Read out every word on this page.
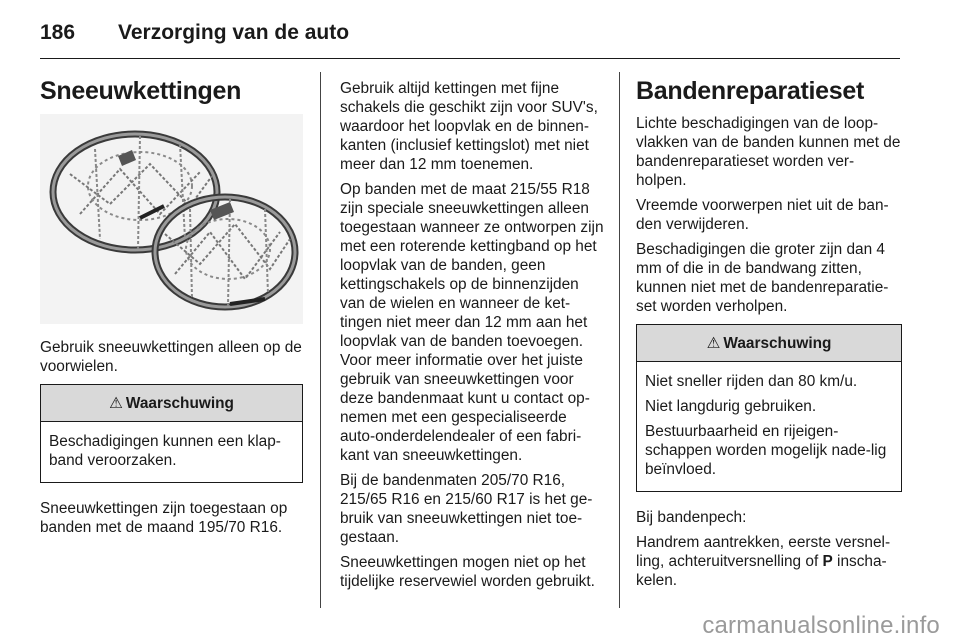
186	Verzorging van de auto
Sneeuwkettingen

Gebruik sneeuwkettingen alleen op de voorwielen.

⚠ Waarschuwing

Beschadigingen kunnen een klap-band veroorzaken.

Sneeuwkettingen zijn toegestaan op banden met de maand 195/70 R16.

Gebruik altijd kettingen met fijne schakels die geschikt zijn voor SUV's, waardoor het loopvlak en de binnen-kanten (inclusief kettingslot) met niet meer dan 12 mm toenemen.

Op banden met de maat 215/55 R18 zijn speciale sneeuwkettingen alleen toegestaan wanneer ze ontworpen zijn met een roterende kettingband op het loopvlak van de banden, geen kettingschakels op de binnenzijden van de wielen en wanneer de ket-tingen niet meer dan 12 mm aan het loopvlak van de banden toevoegen. Voor meer informatie over het juiste gebruik van sneeuwkettingen voor deze bandenmaat kunt u contact op-nemen met een gespecialiseerde auto-onderdelendealer of een fabri-kant van sneeuwkettingen.

Bij de bandenmaten 205/70 R16, 215/65 R16 en 215/60 R17 is het ge-bruik van sneeuwkettingen niet toe-gestaan.

Sneeuwkettingen mogen niet op het tijdelijke reservewiel worden gebruikt.

Bandenreparatieset

Lichte beschadigingen van de loop-vlakken van de banden kunnen met de bandenreparatieset worden ver-holpen.

Vreemde voorwerpen niet uit de ban-den verwijderen.

Beschadigingen die groter zijn dan 4 mm of die in de bandwang zitten, kunnen niet met de bandenreparatie-set worden verholpen.

⚠ Waarschuwing

Niet sneller rijden dan 80 km/u.

Niet langdurig gebruiken.

Bestuurbaarheid en rijeigen-schappen worden mogelijk nade-lig beïnvloed.

Bij bandenpech:

Handrem aantrekken, eerste versnel-ling, achteruitversnelling of P inscha-kelen.

carmanualsonline.info
